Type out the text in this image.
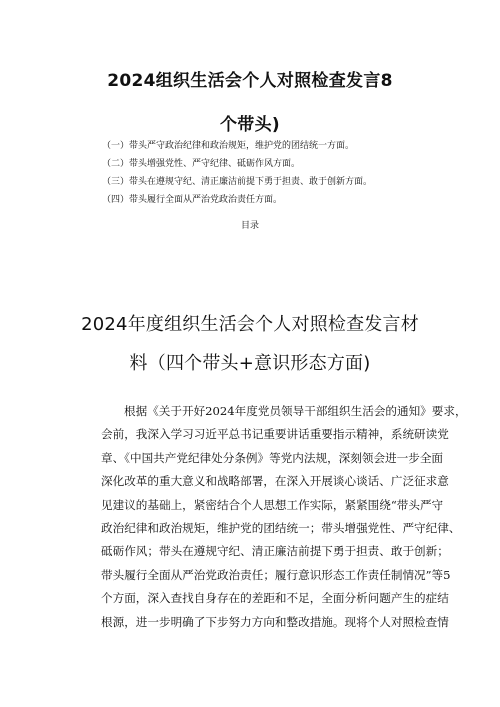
2024组织生活会个人对照检查发言8
个带头)
（一）带头严守政治纪律和政治规矩，维护党的团结统一方面。
（二）带头增强党性、严守纪律、砥砺作风方面。
（三）带头在遵规守纪、清正廉洁前提下勇于担责、敢于创新方面。
（四）带头履行全面从严治党政治责任方面。
目录
2024年度组织生活会个人对照检查发言材
料（四个带头+意识形态方面)
根据《关于开好2024年度党员领导干部组织生活会的通知》要求，
会前，我深入学习习近平总书记重要讲话重要指示精神，系统研读党
章、《中国共产党纪律处分条例》等党内法规，深刻领会进一步全面
深化改革的重大意义和战略部署，在深入开展谈心谈话、广泛征求意
见建议的基础上，紧密结合个人思想工作实际，紧紧围绕“带头严守
政治纪律和政治规矩，维护党的团结统一；带头增强党性、严守纪律、
砥砺作风；带头在遵规守纪、清正廉洁前提下勇于担责、敢于创新；
带头履行全面从严治党政治责任；履行意识形态工作责任制情况”等5
个方面，深入查找自身存在的差距和不足，全面分析问题产生的症结
根源，进一步明确了下步努力方向和整改措施。现将个人对照检查情
